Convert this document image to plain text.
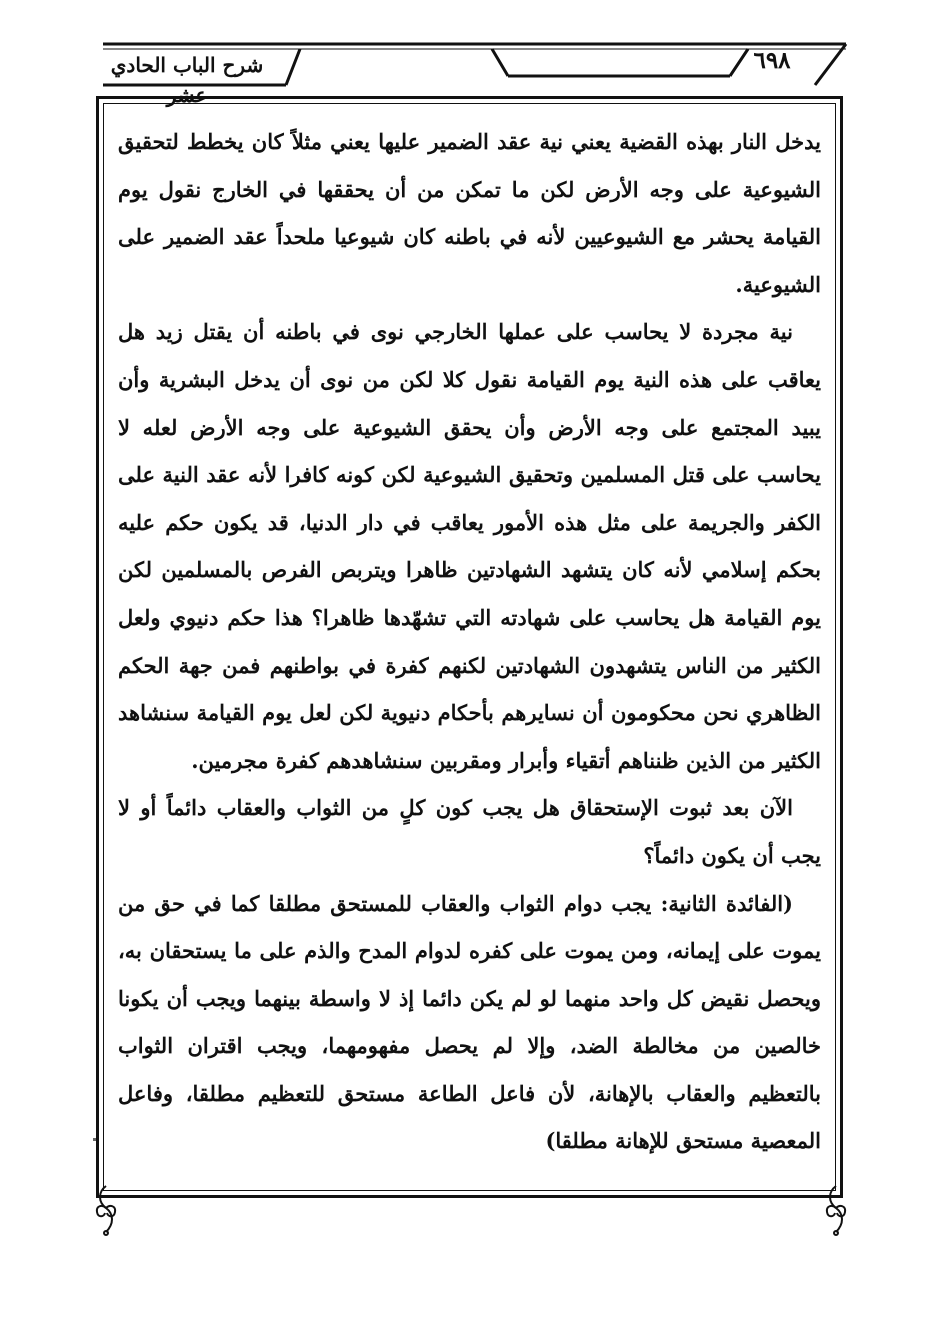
٦٩٨
شرح الباب الحادي عشر

يدخل النار بهذه القضية يعني نية عقد الضمير عليها يعني مثلاً كان يخطط لتحقيق الشيوعية على وجه الأرض لكن ما تمكن من أن يحققها في الخارج نقول يوم القيامة يحشر مع الشيوعيين لأنه في باطنه كان شيوعيا ملحداً عقد الضمير على الشيوعية.

نية مجردة لا يحاسب على عملها الخارجي نوى في باطنه أن يقتل زيد هل يعاقب على هذه النية يوم القيامة نقول كلا لكن من نوى أن يدخل البشرية وأن يبيد المجتمع على وجه الأرض وأن يحقق الشيوعية على وجه الأرض لعله لا يحاسب على قتل المسلمين وتحقيق الشيوعية لكن كونه كافرا لأنه عقد النية على الكفر والجريمة على مثل هذه الأمور يعاقب في دار الدنيا، قد يكون حكم عليه بحكم إسلامي لأنه كان يتشهد الشهادتين ظاهرا ويتربص الفرص بالمسلمين لكن يوم القيامة هل يحاسب على شهادته التي تشهّدها ظاهرا؟ هذا حكم دنيوي ولعل الكثير من الناس يتشهدون الشهادتين لكنهم كفرة في بواطنهم فمن جهة الحكم الظاهري نحن محكومون أن نسايرهم بأحكام دنيوية لكن لعل يوم القيامة سنشاهد الكثير من الذين ظنناهم أتقياء وأبرار ومقربين سنشاهدهم كفرة مجرمين.

الآن بعد ثبوت الإستحقاق هل يجب كون كلٍ من الثواب والعقاب دائماً أو لا يجب أن يكون دائماً؟

(الفائدة الثانية: يجب دوام الثواب والعقاب للمستحق مطلقا كما في حق من يموت على إيمانه، ومن يموت على كفره لدوام المدح والذم على ما يستحقان به، ويحصل نقيض كل واحد منهما لو لم يكن دائما إذ لا واسطة بينهما ويجب أن يكونا خالصين من مخالطة الضد، وإلا لم يحصل مفهومهما، ويجب اقتران الثواب بالتعظيم والعقاب بالإهانة، لأن فاعل الطاعة مستحق للتعظيم مطلقا، وفاعل المعصية مستحق للإهانة مطلقا)
